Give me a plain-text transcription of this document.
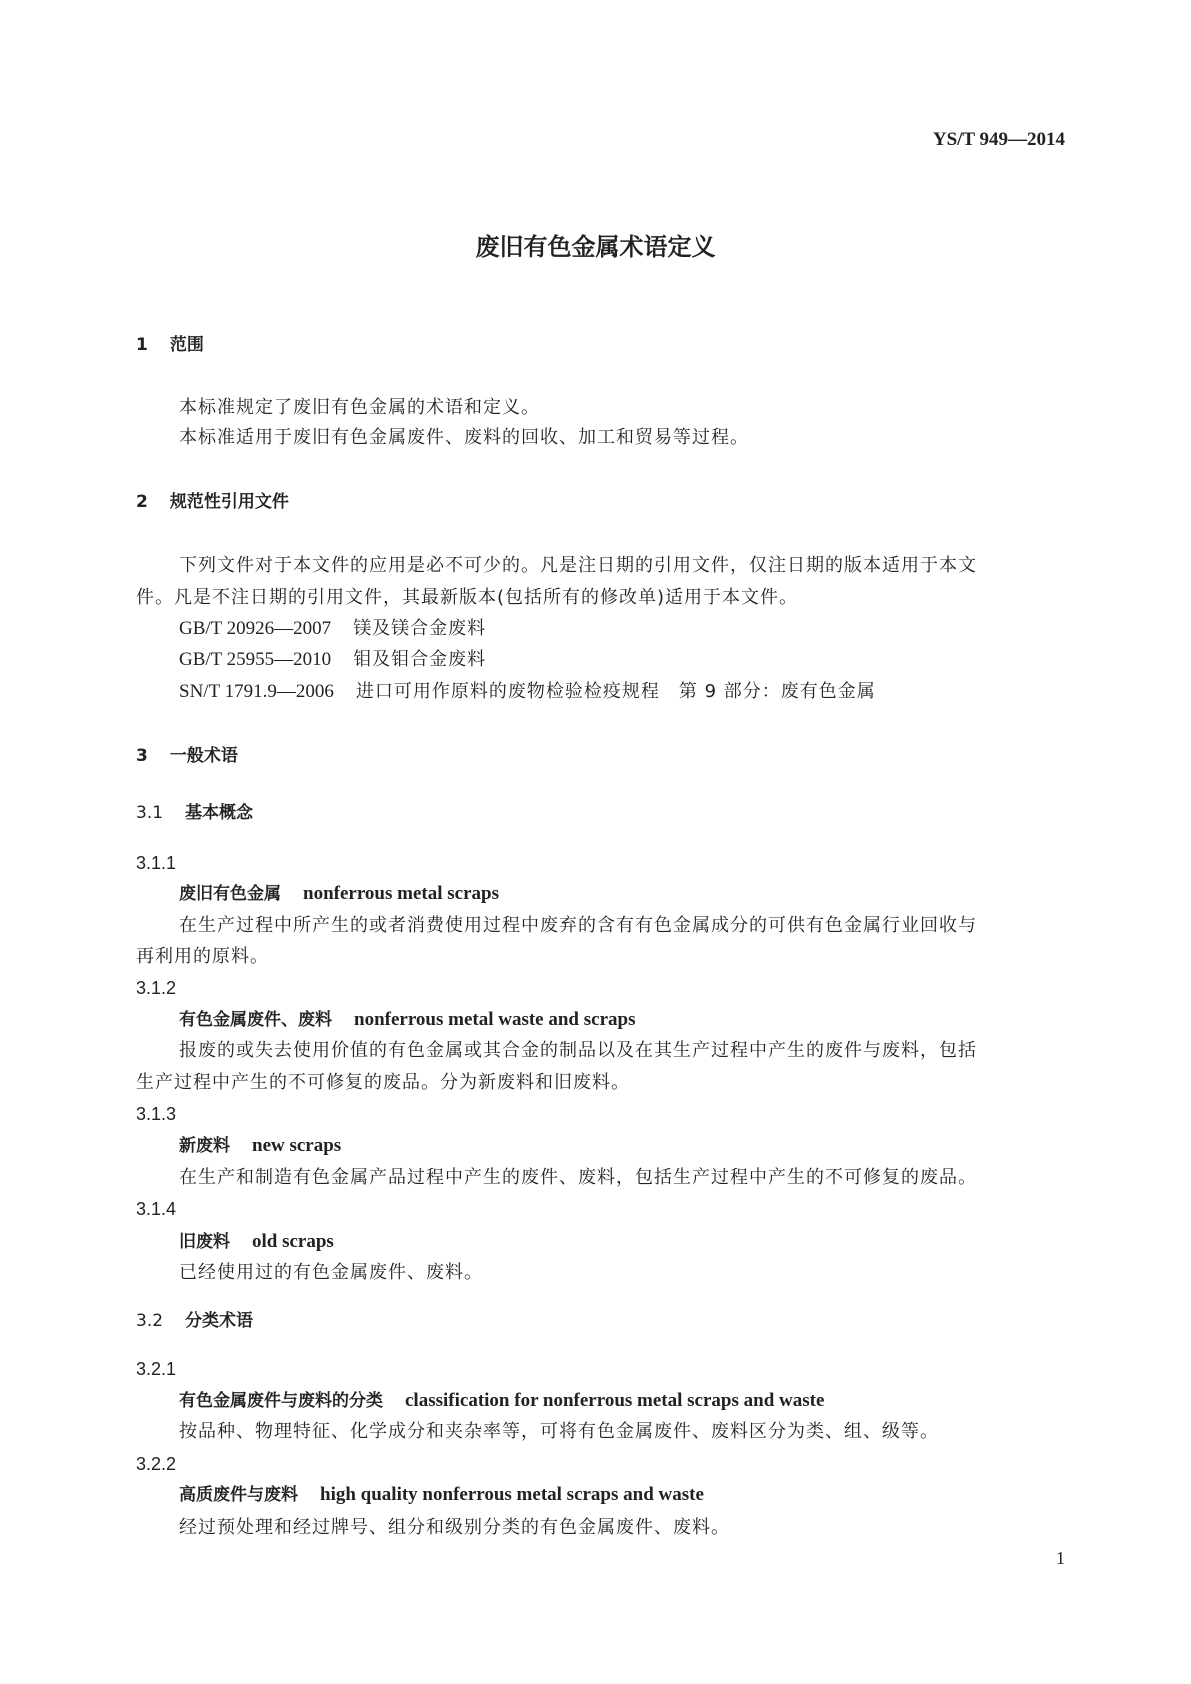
YS/T 949—2014
废旧有色金属术语定义
1 范围
本标准规定了废旧有色金属的术语和定义。
本标准适用于废旧有色金属废件、废料的回收、加工和贸易等过程。
2 规范性引用文件
下列文件对于本文件的应用是必不可少的。凡是注日期的引用文件，仅注日期的版本适用于本文
件。凡是不注日期的引用文件，其最新版本(包括所有的修改单)适用于本文件。
GB/T 20926—2007 镁及镁合金废料
GB/T 25955—2010 钼及钼合金废料
SN/T 1791.9—2006 进口可用作原料的废物检验检疫规程　第 9 部分：废有色金属
3 一般术语
3.1 基本概念
3.1.1
废旧有色金属 nonferrous metal scraps
在生产过程中所产生的或者消费使用过程中废弃的含有有色金属成分的可供有色金属行业回收与
再利用的原料。
3.1.2
有色金属废件、废料 nonferrous metal waste and scraps
报废的或失去使用价值的有色金属或其合金的制品以及在其生产过程中产生的废件与废料，包括
生产过程中产生的不可修复的废品。分为新废料和旧废料。
3.1.3
新废料 new scraps
在生产和制造有色金属产品过程中产生的废件、废料，包括生产过程中产生的不可修复的废品。
3.1.4
旧废料 old scraps
已经使用过的有色金属废件、废料。
3.2 分类术语
3.2.1
有色金属废件与废料的分类 classification for nonferrous metal scraps and waste
按品种、物理特征、化学成分和夹杂率等，可将有色金属废件、废料区分为类、组、级等。
3.2.2
高质废件与废料 high quality nonferrous metal scraps and waste
经过预处理和经过牌号、组分和级别分类的有色金属废件、废料。
1
